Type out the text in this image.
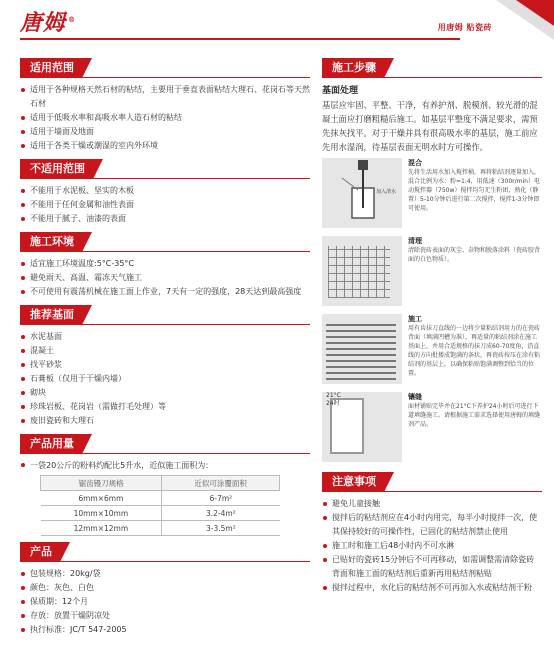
唐姆 ®
用唐姆 贴瓷砖
适用范围
适用于各种规格天然石材的粘结，主要用于垂直表面粘结大理石、花岗石等天然石材
适用于低吸水率和高吸水率人造石材的粘结
适用于墙面及地面
适用于各类干燥或潮湿的室内外环境
不适用范围
不能用于水泥板、坚实的木板
不能用于任何金属和油性表面
不能用于腻子、油漆的表面
施工环境
适宜施工环境温度:5°C-35°C
避免雨天、高温、霜冻天气施工
不可使用有震荡机械在施工面上作业，7天有一定的强度，28天达到最高强度
推荐基面
水泥基面
混凝土
找平砂浆
石膏板（仅用于干燥内墙）
砌块
珍珠岩板、花岗岩（需做打毛处理）等
废旧瓷砖和大理石
产品用量
一袋20公斤的粉料约配比5升水，近似施工面积为：
锯齿镘刀规格	近似可涂覆面积
6mm×6mm	6-7m²
10mm×10mm	3.2-4m²
12mm×12mm	3-3.5m²
产品
包装规格：20kg/袋
颜色：灰色、白色
保质期：12个月
存放：放置干燥阴凉处
执行标准：JC/T 547-2005
施工步骤
基面处理
基层应牢固、平整、干净，有养护剂、脱模剂、较光滑的混凝土面应打磨粗糙后施工。如基层平整度不满足要求，需预先抹灰找平。对于干燥并具有很高吸水率的基层，施工前应先用水湿润，待基层表面无明水时方可操作。
加入清水
混合
先将生活用水加入搅拌桶，再将粘结剂逐量加入，混合比例为水：粉=1:4，用低速（300r/min）电动搅拌器（750w）搅拌均匀无生粉团，熟化（静置）5-10分钟后进行第二次搅拌，搅拌1-3分钟即可使用。
清理
清除瓷砖表面的灰尘、杂物和脱落涂料（瓷砖胶背面的白色物质）。
施工
用有齿抹刀直线的一边将少量粘结剂用力的在瓷砖背面（填满凹槽为准），再适量的粘结剂涂在施工基面上，并用合适规格的抹刀成60-70度角，沿直线的方向批搂成饱满的条状，再瓷砖按压在涂有粘结剂的基层上，以确保粘贴饱满调整到恰当的位置。
21°C
24时
镶缝
面材铺贴完毕并在21°C下养护24小时后可进行下道填缝施工。请根据施工需求选择使用唐姆的填缝剂产品。
注意事项
避免儿童接触
搅拌后的粘结剂应在4小时内用完，每半小时搅拌一次，使其保持较好的可操作性，已固化的粘结剂禁止使用
施工时和施工后48小时内不可水淋
已贴好的瓷砖15分钟后不可再移动，如需调整需清除瓷砖背面和施工面的粘结剂后重新再用粘结剂粘贴
搅拌过程中，水化后的粘结剂不可再加入水或粘结剂干粉
